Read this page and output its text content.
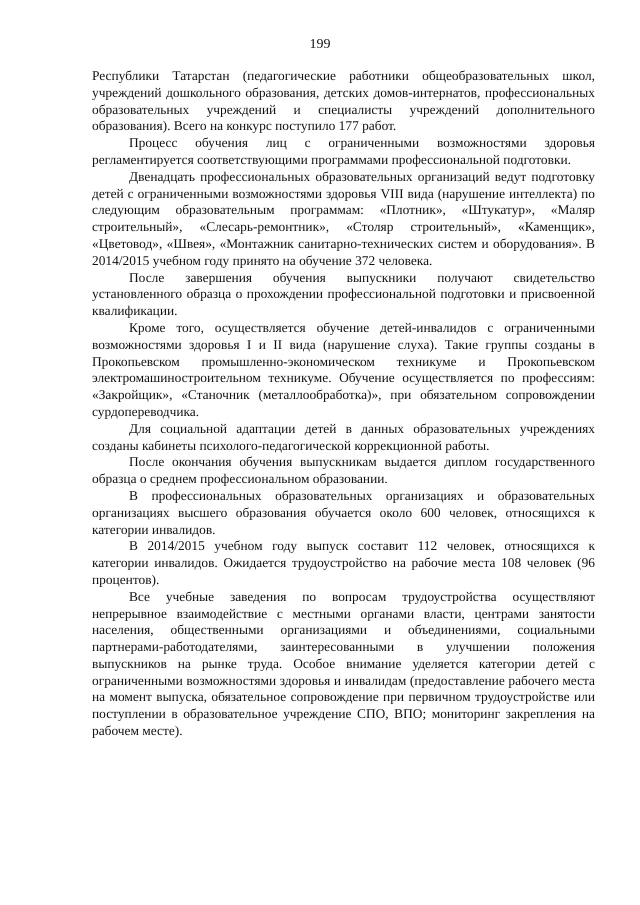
199

Республики Татарстан (педагогические работники общеобразовательных школ, учреждений дошкольного образования, детских домов-интернатов, профессиональных образовательных учреждений и специалисты учреждений дополнительного образования). Всего на конкурс поступило 177 работ.

Процесс обучения лиц с ограниченными возможностями здоровья регламентируется соответствующими программами профессиональной подготовки.

Двенадцать профессиональных образовательных организаций ведут подготовку детей с ограниченными возможностями здоровья VIII вида (нарушение интеллекта) по следующим образовательным программам: «Плотник», «Штукатур», «Маляр строительный», «Слесарь-ремонтник», «Столяр строительный», «Каменщик», «Цветовод», «Швея», «Монтажник санитарно-технических систем и оборудования». В 2014/2015 учебном году принято на обучение 372 человека.

После завершения обучения выпускники получают свидетельство установленного образца о прохождении профессиональной подготовки и присвоенной квалификации.

Кроме того, осуществляется обучение детей-инвалидов с ограниченными возможностями здоровья I и II вида (нарушение слуха). Такие группы созданы в Прокопьевском промышленно-экономическом техникуме и Прокопьевском электромашиностроительном техникуме. Обучение осуществляется по профессиям: «Закройщик», «Станочник (металлообработка)», при обязательном сопровождении сурдопереводчика.

Для социальной адаптации детей в данных образовательных учреждениях созданы кабинеты психолого-педагогической коррекционной работы.

После окончания обучения выпускникам выдается диплом государственного образца о среднем профессиональном образовании.

В профессиональных образовательных организациях и образовательных организациях высшего образования обучается около 600 человек, относящихся к категории инвалидов.

В 2014/2015 учебном году выпуск составит 112 человек, относящихся к категории инвалидов. Ожидается трудоустройство на рабочие места 108 человек (96 процентов).

Все учебные заведения по вопросам трудоустройства осуществляют непрерывное взаимодействие с местными органами власти, центрами занятости населения, общественными организациями и объединениями, социальными партнерами-работодателями, заинтересованными в улучшении положения выпускников на рынке труда. Особое внимание уделяется категории детей с ограниченными возможностями здоровья и инвалидам (предоставление рабочего места на момент выпуска, обязательное сопровождение при первичном трудоустройстве или поступлении в образовательное учреждение СПО, ВПО; мониторинг закрепления на рабочем месте).
